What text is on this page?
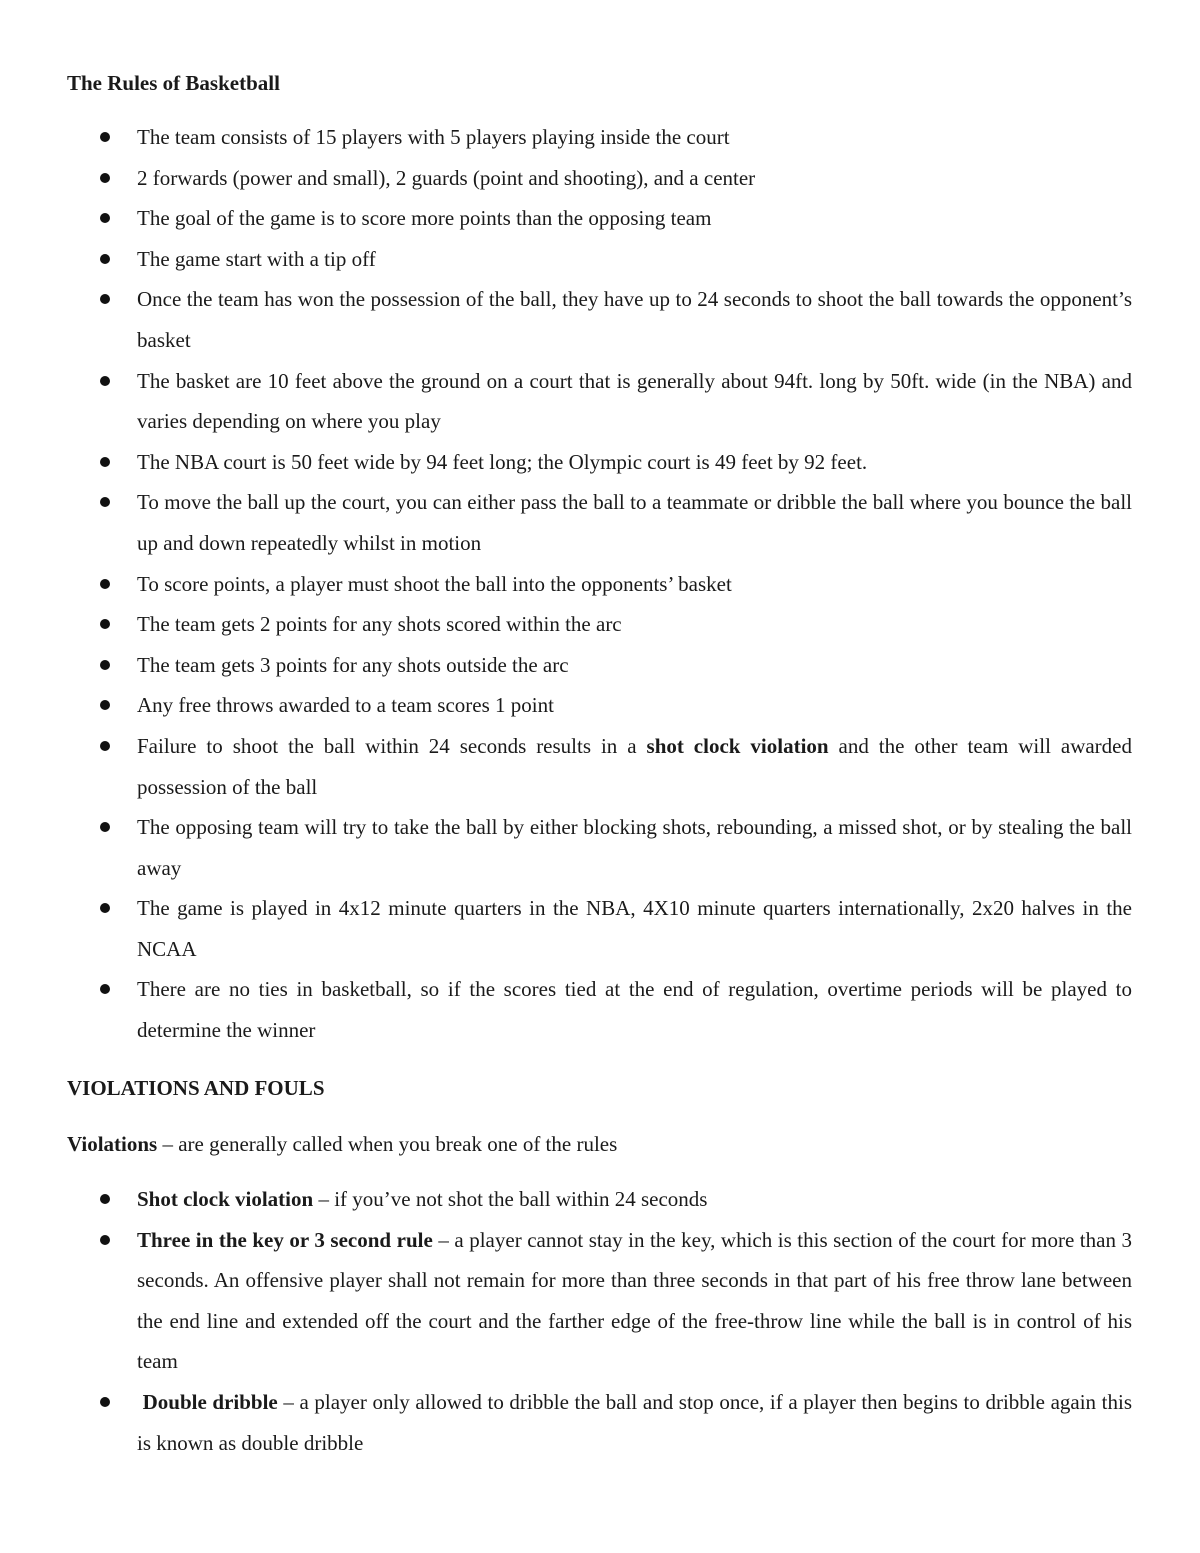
The Rules of Basketball
The team consists of 15 players with 5 players playing inside the court
2 forwards (power and small), 2 guards (point and shooting), and a center
The goal of the game is to score more points than the opposing team
The game start with a tip off
Once the team has won the possession of the ball, they have up to 24 seconds to shoot the ball towards the opponent’s basket
The basket are 10 feet above the ground on a court that is generally about 94ft. long by 50ft. wide (in the NBA) and varies depending on where you play
The NBA court is 50 feet wide by 94 feet long; the Olympic court is 49 feet by 92 feet.
To move the ball up the court, you can either pass the ball to a teammate or dribble the ball where you bounce the ball up and down repeatedly whilst in motion
To score points, a player must shoot the ball into the opponents’ basket
The team gets 2 points for any shots scored within the arc
The team gets 3 points for any shots outside the arc
Any free throws awarded to a team scores 1 point
Failure to shoot the ball within 24 seconds results in a shot clock violation and the other team will awarded possession of the ball
The opposing team will try to take the ball by either blocking shots, rebounding, a missed shot, or by stealing the ball away
The game is played in 4x12 minute quarters in the NBA, 4X10 minute quarters internationally, 2x20 halves in the NCAA
There are no ties in basketball, so if the scores tied at the end of regulation, overtime periods will be played to determine the winner
VIOLATIONS AND FOULS
Violations – are generally called when you break one of the rules
Shot clock violation – if you’ve not shot the ball within 24 seconds
Three in the key or 3 second rule – a player cannot stay in the key, which is this section of the court for more than 3 seconds. An offensive player shall not remain for more than three seconds in that part of his free throw lane between the end line and extended off the court and the farther edge of the free-throw line while the ball is in control of his team
Double dribble – a player only allowed to dribble the ball and stop once, if a player then begins to dribble again this is known as double dribble
